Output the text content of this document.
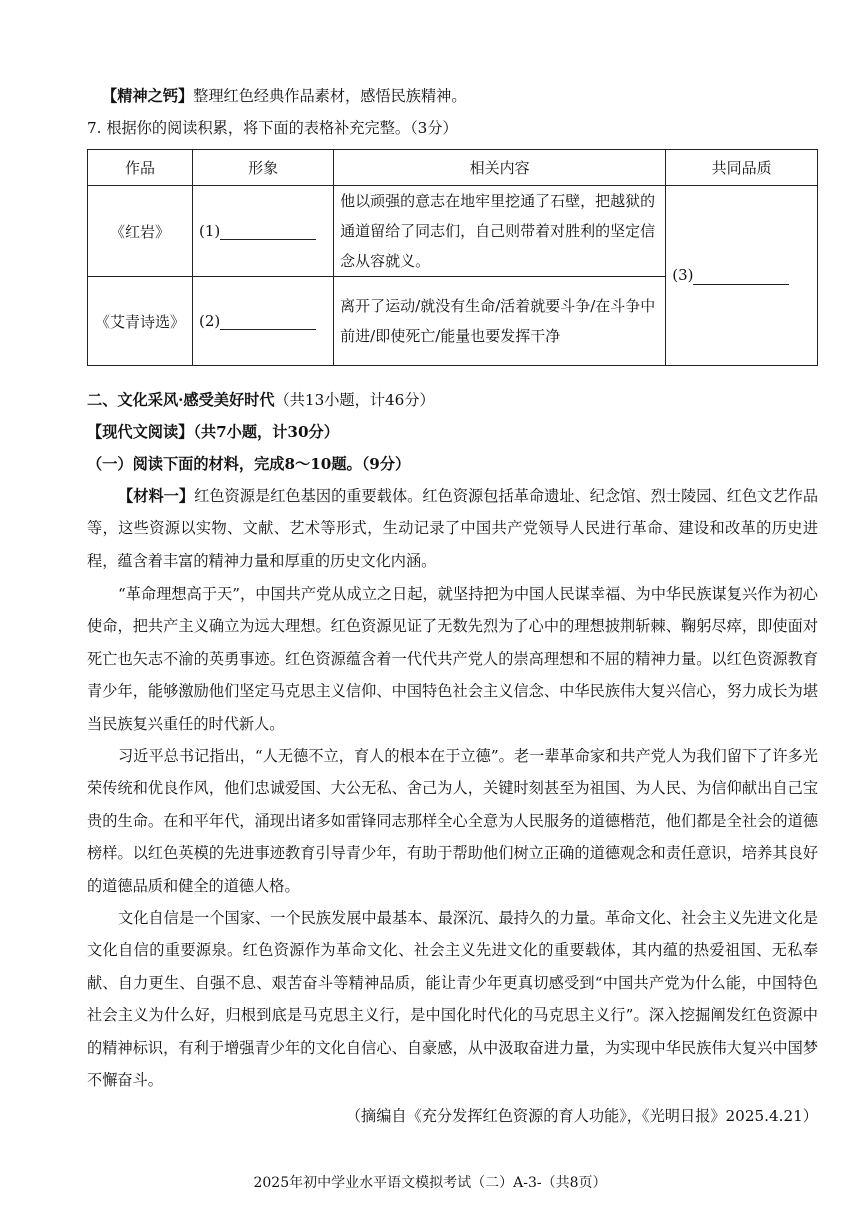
【精神之钙】整理红色经典作品素材，感悟民族精神。
7. 根据你的阅读积累，将下面的表格补充完整。（3分）
作品	形象	相关内容	共同品质
《红岩》	(1)	他以顽强的意志在地牢里挖通了石壁，把越狱的通道留给了同志们，自己则带着对胜利的坚定信念从容就义。	(3)
《艾青诗选》	(2)	离开了运动/就没有生命/活着就要斗争/在斗争中前进/即使死亡/能量也要发挥干净	
二、文化采风·感受美好时代（共13小题，计46分）
【现代文阅读】（共7小题，计30分）
（一）阅读下面的材料，完成8～10题。（9分）
【材料一】红色资源是红色基因的重要载体。红色资源包括革命遗址、纪念馆、烈士陵园、红色文艺作品等，这些资源以实物、文献、艺术等形式，生动记录了中国共产党领导人民进行革命、建设和改革的历史进程，蕴含着丰富的精神力量和厚重的历史文化内涵。
“革命理想高于天”，中国共产党从成立之日起，就坚持把为中国人民谋幸福、为中华民族谋复兴作为初心使命，把共产主义确立为远大理想。红色资源见证了无数先烈为了心中的理想披荆斩棘、鞠躬尽瘁，即使面对死亡也矢志不渝的英勇事迹。红色资源蕴含着一代代共产党人的崇高理想和不屈的精神力量。以红色资源教育青少年，能够激励他们坚定马克思主义信仰、中国特色社会主义信念、中华民族伟大复兴信心，努力成长为堪当民族复兴重任的时代新人。
习近平总书记指出，“人无德不立，育人的根本在于立德”。老一辈革命家和共产党人为我们留下了许多光荣传统和优良作风，他们忠诚爱国、大公无私、舍己为人，关键时刻甚至为祖国、为人民、为信仰献出自己宝贵的生命。在和平年代，涌现出诸多如雷锋同志那样全心全意为人民服务的道德楷范，他们都是全社会的道德榜样。以红色英模的先进事迹教育引导青少年，有助于帮助他们树立正确的道德观念和责任意识，培养其良好的道德品质和健全的道德人格。
文化自信是一个国家、一个民族发展中最基本、最深沉、最持久的力量。革命文化、社会主义先进文化是文化自信的重要源泉。红色资源作为革命文化、社会主义先进文化的重要载体，其内蕴的热爱祖国、无私奉献、自力更生、自强不息、艰苦奋斗等精神品质，能让青少年更真切感受到“中国共产党为什么能，中国特色社会主义为什么好，归根到底是马克思主义行，是中国化时代化的马克思主义行”。深入挖掘阐发红色资源中的精神标识，有利于增强青少年的文化自信心、自豪感，从中汲取奋进力量，为实现中华民族伟大复兴中国梦不懈奋斗。
（摘编自《充分发挥红色资源的育人功能》，《光明日报》2025.4.21）
2025年初中学业水平语文模拟考试（二）A-3-（共8页）
